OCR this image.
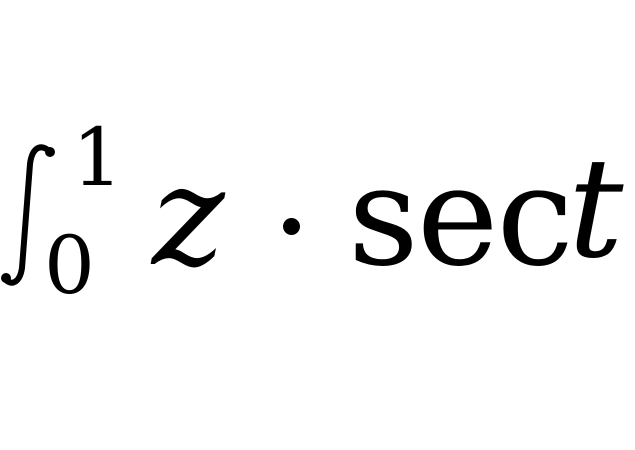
1
0 z sec
t
